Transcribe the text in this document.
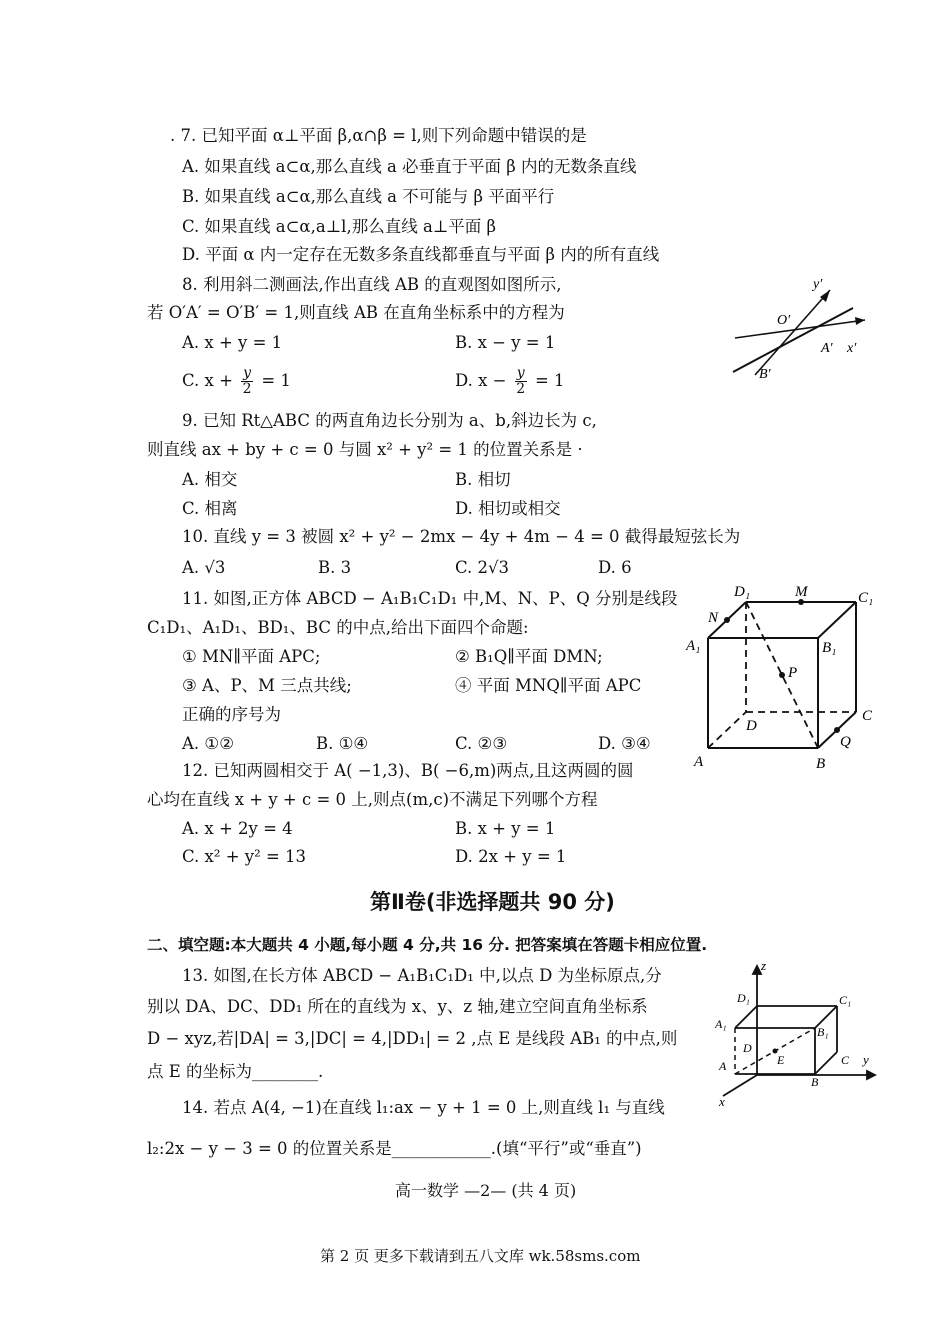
. 7. 已知平面 α⊥平面 β,α∩β = l,则下列命题中错误的是
A. 如果直线 a⊂α,那么直线 a 必垂直于平面 β 内的无数条直线
B. 如果直线 a⊂α,那么直线 a 不可能与 β 平面平行
C. 如果直线 a⊂α,a⊥l,那么直线 a⊥平面 β
D. 平面 α 内一定存在无数多条直线都垂直与平面 β 内的所有直线
8. 利用斜二测画法,作出直线 AB 的直观图如图所示,
若 O′A′ = O′B′ = 1,则直线 AB 在直角坐标系中的方程为
A. x + y = 1	B. x − y = 1
C. $x + \frac{y}{2} = 1$	D. $x - \frac{y}{2} = 1$
y′
O′
A′ x′
B′
9. 已知 Rt△ABC 的两直角边长分别为 a、b,斜边长为 c,
则直线 ax + by + c = 0 与圆 x² + y² = 1 的位置关系是 ·
A. 相交	B. 相切
C. 相离	D. 相切或相交
10. 直线 y = 3 被圆 x² + y² − 2mx − 4y + 4m − 4 = 0 截得最短弦长为
A. √3	B. 3	C. 2√3	D. 6
11. 如图,正方体 ABCD − A₁B₁C₁D₁ 中,M、N、P、Q 分别是线段
C₁D₁、A₁D₁、BD₁、BC 的中点,给出下面四个命题:
① MN∥平面 APC;	② B₁Q∥平面 DMN;
③ A、P、M 三点共线;	④ 平面 MNQ∥平面 APC
正确的序号为
A. ①②	B. ①④	C. ②③	D. ③④
D₁	M	C₁
N
A₁	B₁
P
D
C
Q
A	B
12. 已知两圆相交于 A( −1,3)、B( −6,m)两点,且这两圆的圆
心均在直线 x + y + c = 0 上,则点(m,c)不满足下列哪个方程
A. x + 2y = 4	B. x + y = 1
C. x² + y² = 13	D. 2x + y = 1
第Ⅱ卷(非选择题共 90 分)
二、填空题:本大题共 4 小题,每小题 4 分,共 16 分. 把答案填在答题卡相应位置.
13. 如图,在长方体 ABCD − A₁B₁C₁D₁ 中,以点 D 为坐标原点,分
别以 DA、DC、DD₁ 所在的直线为 x、y、z 轴,建立空间直角坐标系
D − xyz,若|DA| = 3,|DC| = 4,|DD₁| = 2 ,点 E 是线段 AB₁ 的中点,则
点 E 的坐标为________.
z
D₁	C₁
A₁
B₁
D
E	C y
A
B
x
14. 若点 A(4, −1)在直线 l₁:ax − y + 1 = 0 上,则直线 l₁ 与直线
l₂:2x − y − 3 = 0 的位置关系是____________.(填“平行”或“垂直”)
高一数学 —2— (共 4 页)
第 2 页 更多下载请到五八文库 wk.58sms.com
